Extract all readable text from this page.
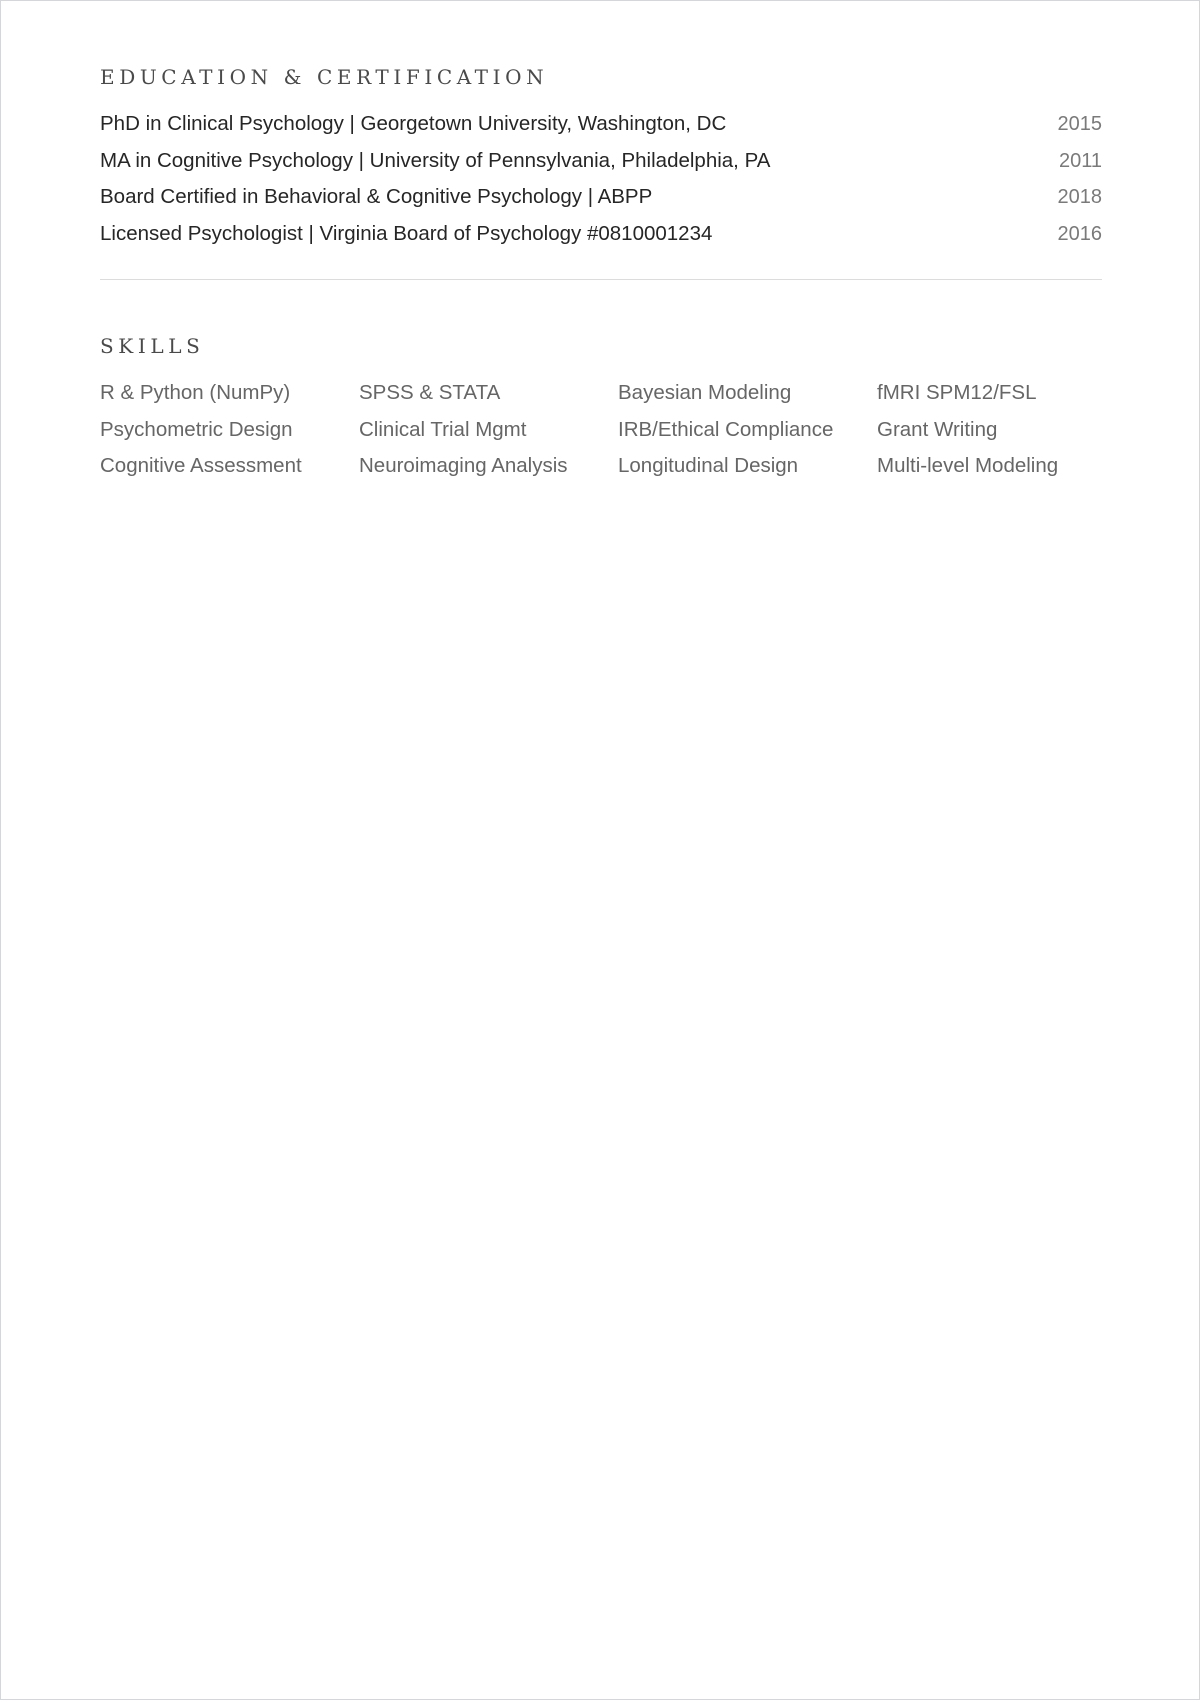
EDUCATION & CERTIFICATION
PhD in Clinical Psychology | Georgetown University, Washington, DC	2015
MA in Cognitive Psychology | University of Pennsylvania, Philadelphia, PA	2011
Board Certified in Behavioral & Cognitive Psychology | ABPP	2018
Licensed Psychologist | Virginia Board of Psychology #0810001234	2016
SKILLS
R & Python (NumPy)	SPSS & STATA	Bayesian Modeling	fMRI SPM12/FSL
Psychometric Design	Clinical Trial Mgmt	IRB/Ethical Compliance	Grant Writing
Cognitive Assessment	Neuroimaging Analysis	Longitudinal Design	Multi-level Modeling
